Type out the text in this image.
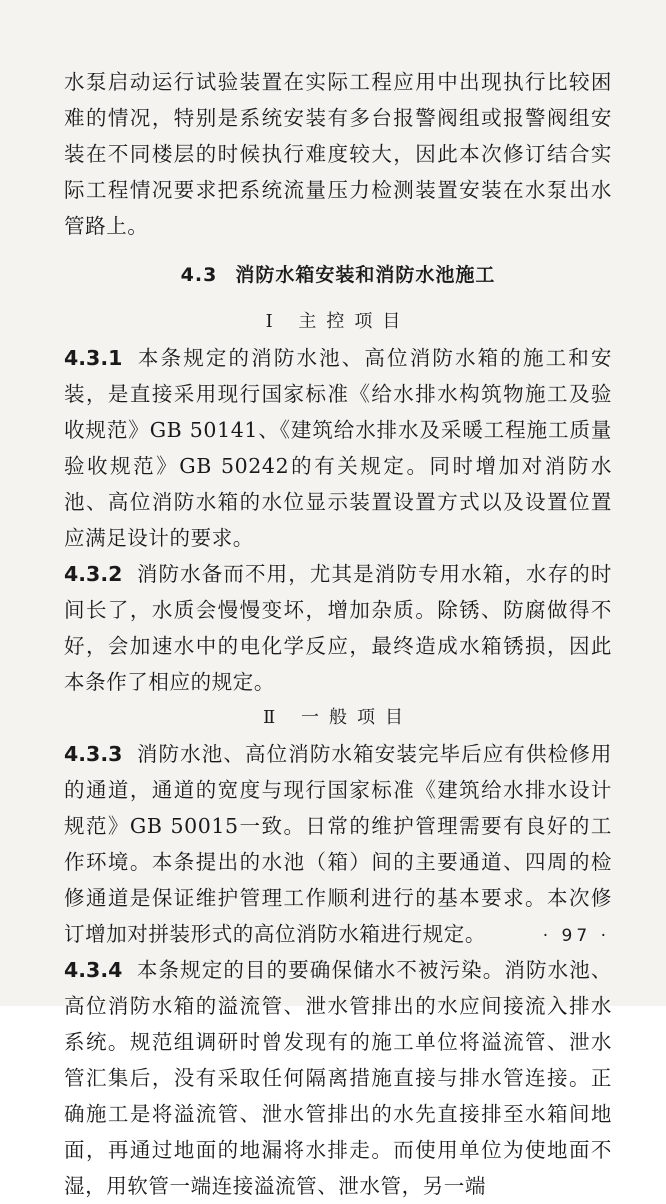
水泵启动运行试验装置在实际工程应用中出现执行比较困难的情况，特别是系统安装有多台报警阀组或报警阀组安装在不同楼层的时候执行难度较大，因此本次修订结合实际工程情况要求把系统流量压力检测装置安装在水泵出水管路上。

4.3 消防水箱安装和消防水池施工

Ⅰ 主控项目

4.3.1 本条规定的消防水池、高位消防水箱的施工和安装，是直接采用现行国家标准《给水排水构筑物施工及验收规范》GB 50141、《建筑给水排水及采暖工程施工质量验收规范》GB 50242的有关规定。同时增加对消防水池、高位消防水箱的水位显示装置设置方式以及设置位置应满足设计的要求。

4.3.2 消防水备而不用，尤其是消防专用水箱，水存的时间长了，水质会慢慢变坏，增加杂质。除锈、防腐做得不好，会加速水中的电化学反应，最终造成水箱锈损，因此本条作了相应的规定。

Ⅱ 一般项目

4.3.3 消防水池、高位消防水箱安装完毕后应有供检修用的通道，通道的宽度与现行国家标准《建筑给水排水设计规范》GB 50015一致。日常的维护管理需要有良好的工作环境。本条提出的水池（箱）间的主要通道、四周的检修通道是保证维护管理工作顺利进行的基本要求。本次修订增加对拼装形式的高位消防水箱进行规定。

4.3.4 本条规定的目的要确保储水不被污染。消防水池、高位消防水箱的溢流管、泄水管排出的水应间接流入排水系统。规范组调研时曾发现有的施工单位将溢流管、泄水管汇集后，没有采取任何隔离措施直接与排水管连接。正确施工是将溢流管、泄水管排出的水先直接排至水箱间地面，再通过地面的地漏将水排走。而使用单位为使地面不湿，用软管一端连接溢流管、泄水管，另一端

· 97 ·
